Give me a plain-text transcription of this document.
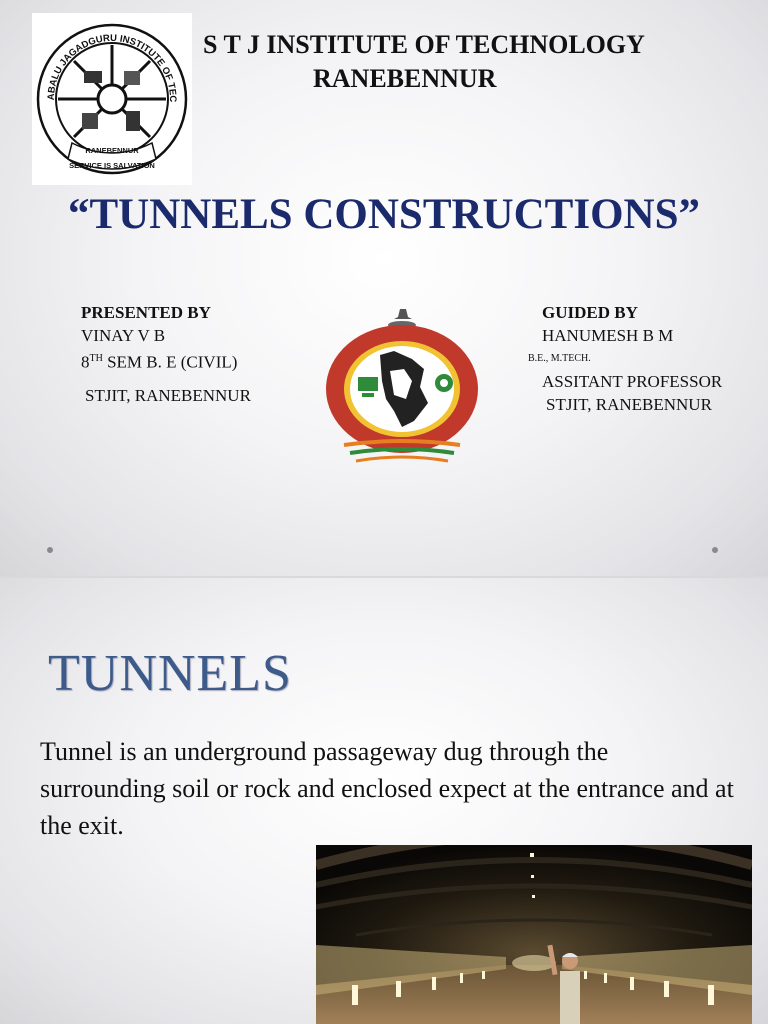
ABALU JAGADGURU INSTITUTE OF TEC
RANEBENNUR
SERVICE IS SALVATION
S T J INSTITUTE OF TECHNOLOGY
RANEBENNUR
“TUNNELS CONSTRUCTIONS”
PRESENTED BY
VINAY V B
8TH SEM B. E (CIVIL)
STJIT, RANEBENNUR
GUIDED BY
HANUMESH B M
B.E., M.TECH.
ASSITANT PROFESSOR
STJIT, RANEBENNUR
TUNNELS
Tunnel is an underground passageway dug through the surrounding soil or rock and enclosed expect at the entrance and at the exit.
